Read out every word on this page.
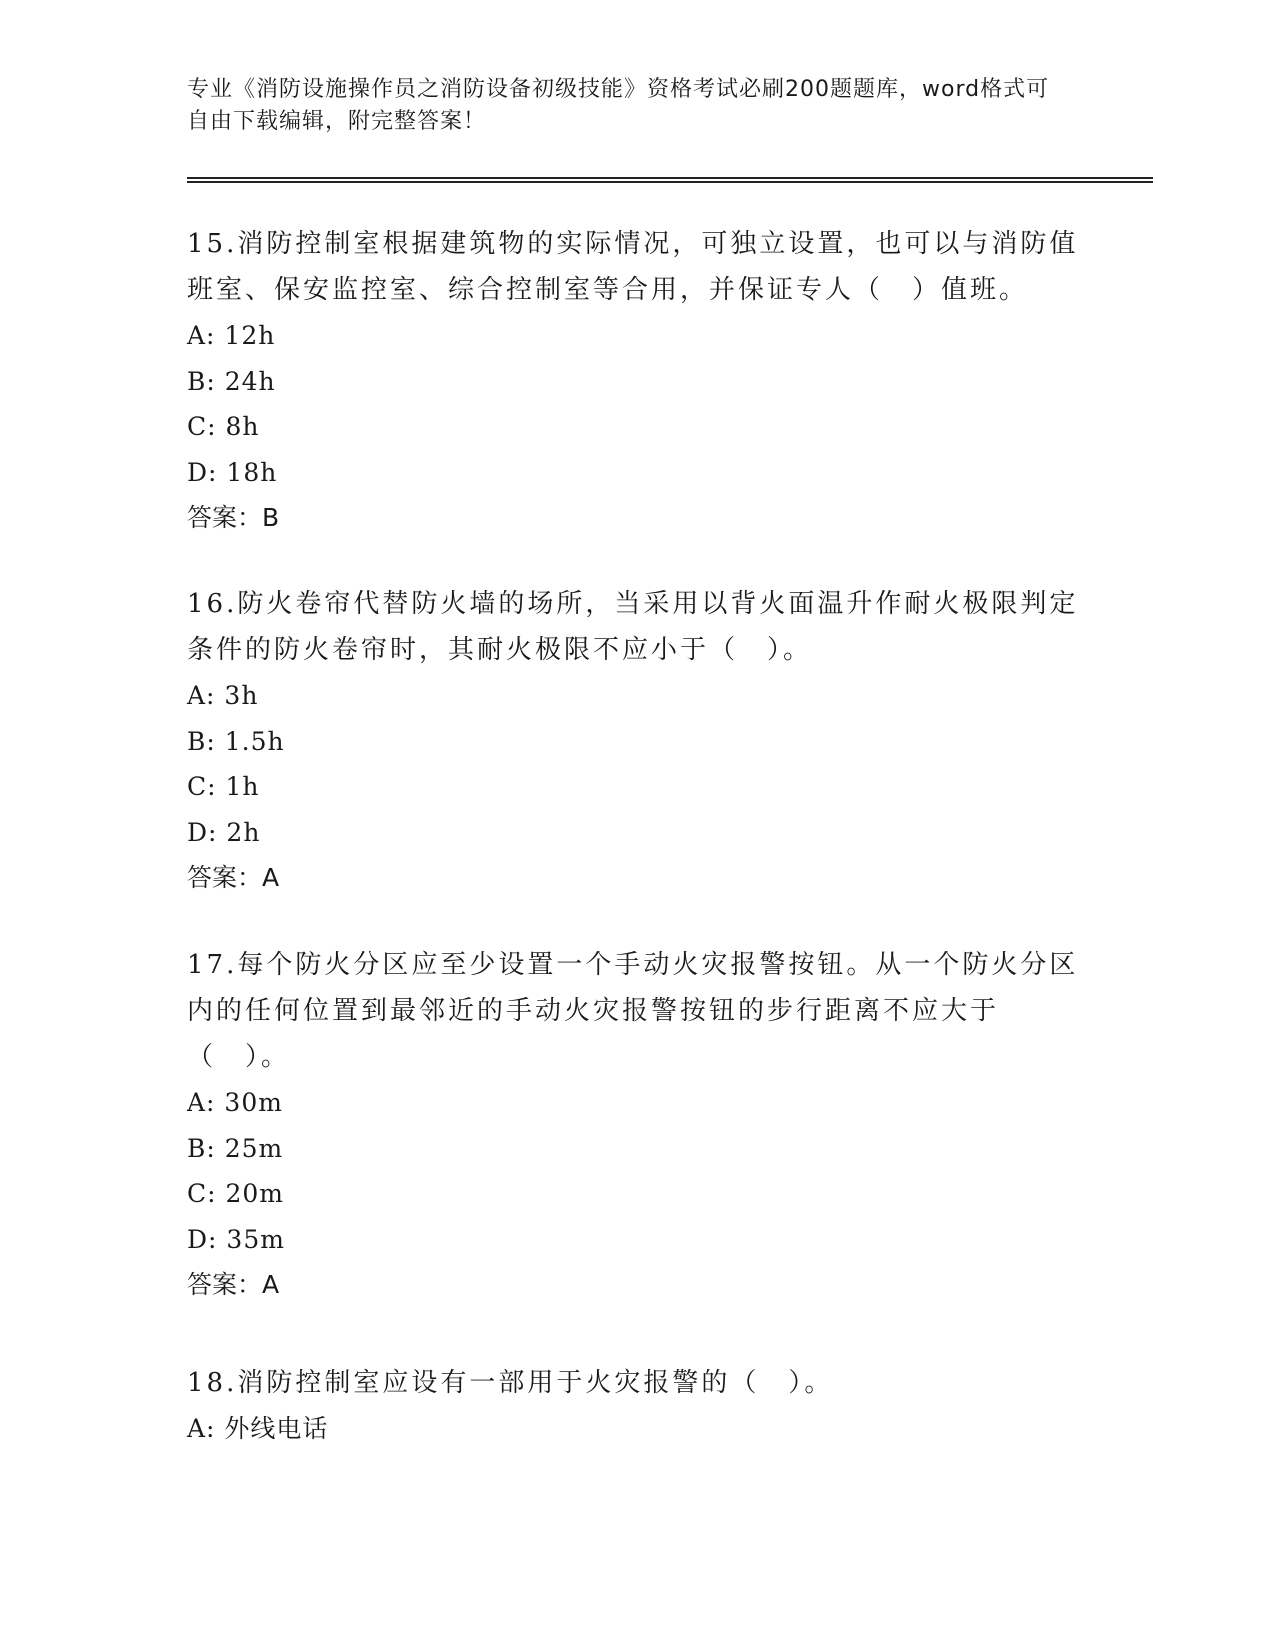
专业《消防设施操作员之消防设备初级技能》资格考试必刷200题题库，word格式可自由下载编辑，附完整答案！

15.消防控制室根据建筑物的实际情况，可独立设置，也可以与消防值班室、保安监控室、综合控制室等合用，并保证专人（　）值班。

A: 12h

B: 24h

C: 8h

D: 18h

答案：B

16.防火卷帘代替防火墙的场所，当采用以背火面温升作耐火极限判定条件的防火卷帘时，其耐火极限不应小于（　）。

A: 3h

B: 1.5h

C: 1h

D: 2h

答案：A

17.每个防火分区应至少设置一个手动火灾报警按钮。从一个防火分区内的任何位置到最邻近的手动火灾报警按钮的步行距离不应大于（　）。

A: 30m

B: 25m

C: 20m

D: 35m

答案：A

18.消防控制室应设有一部用于火灾报警的（　）。

A: 外线电话
